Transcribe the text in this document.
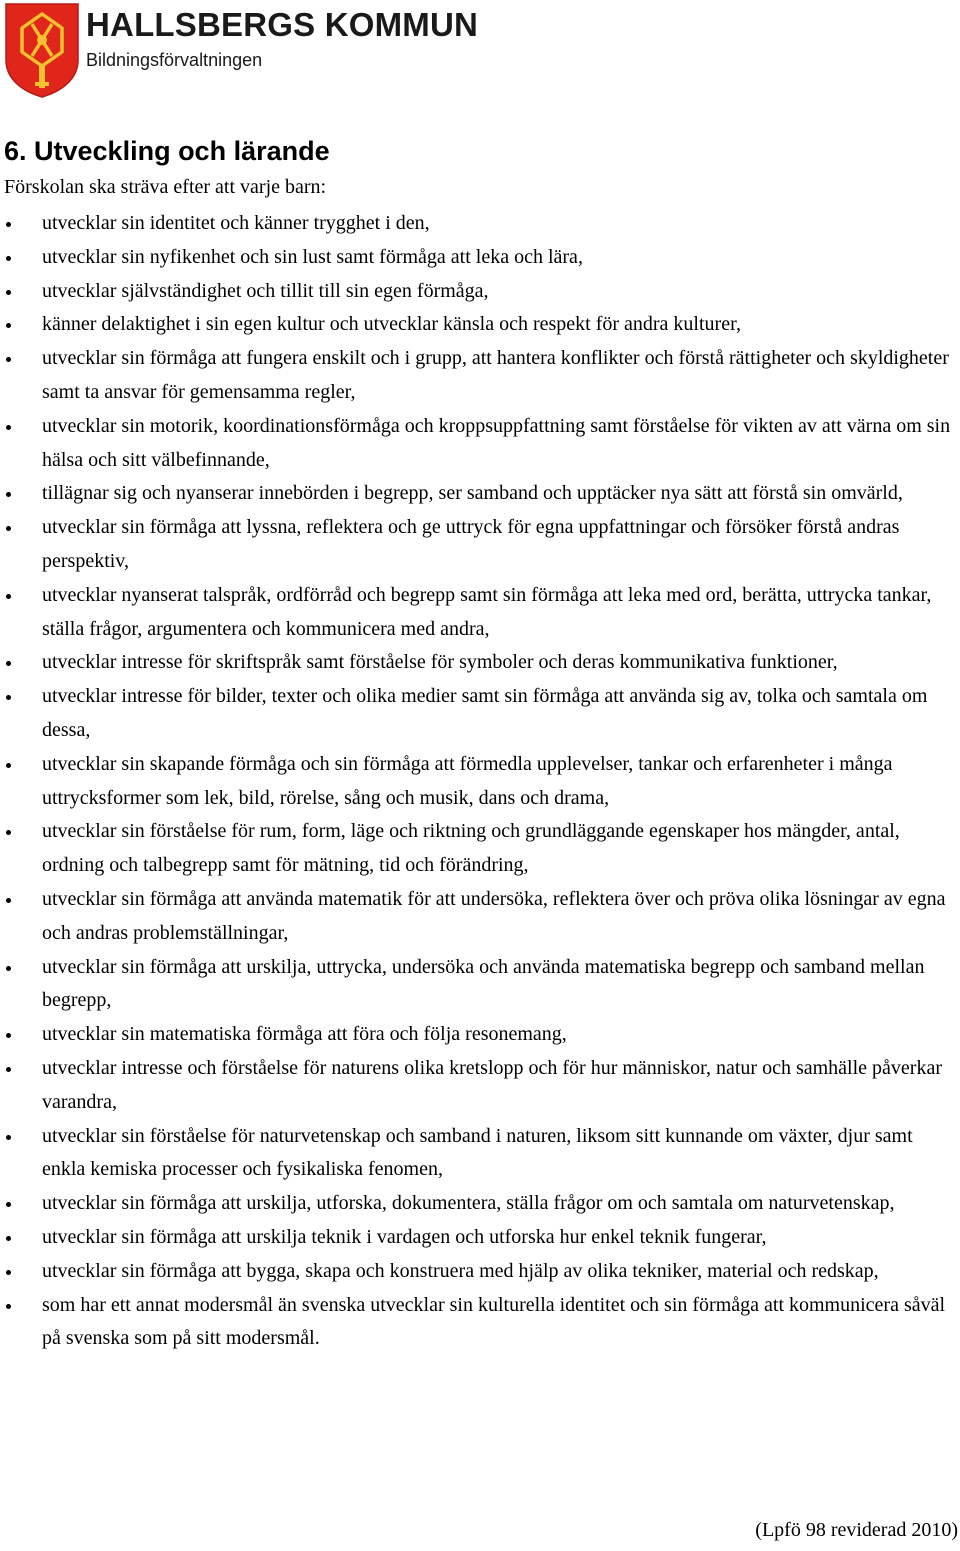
HALLSBERGS KOMMUN
Bildningsförvaltningen
6. Utveckling och lärande
Förskolan ska sträva efter att varje barn:
utvecklar sin identitet och känner trygghet i den,
utvecklar sin nyfikenhet och sin lust samt förmåga att leka och lära,
utvecklar självständighet och tillit till sin egen förmåga,
känner delaktighet i sin egen kultur och utvecklar känsla och respekt för andra kulturer,
utvecklar sin förmåga att fungera enskilt och i grupp, att hantera konflikter och förstå rättigheter och skyldigheter samt ta ansvar för gemensamma regler,
utvecklar sin motorik, koordinationsförmåga och kroppsuppfattning samt förståelse för vikten av att värna om sin hälsa och sitt välbefinnande,
tillägnar sig och nyanserar innebörden i begrepp, ser samband och upptäcker nya sätt att förstå sin omvärld,
utvecklar sin förmåga att lyssna, reflektera och ge uttryck för egna uppfattningar och försöker förstå andras perspektiv,
utvecklar nyanserat talspråk, ordförråd och begrepp samt sin förmåga att leka med ord, berätta, uttrycka tankar, ställa frågor, argumentera och kommunicera med andra,
utvecklar intresse för skriftspråk samt förståelse för symboler och deras kommunikativa funktioner,
utvecklar intresse för bilder, texter och olika medier samt sin förmåga att använda sig av, tolka och samtala om dessa,
utvecklar sin skapande förmåga och sin förmåga att förmedla upplevelser, tankar och erfarenheter i många uttrycksformer som lek, bild, rörelse, sång och musik, dans och drama,
utvecklar sin förståelse för rum, form, läge och riktning och grundläggande egenskaper hos mängder, antal, ordning och talbegrepp samt för mätning, tid och förändring,
utvecklar sin förmåga att använda matematik för att undersöka, reflektera över och pröva olika lösningar av egna och andras problemställningar,
utvecklar sin förmåga att urskilja, uttrycka, undersöka och använda matematiska begrepp och samband mellan begrepp,
utvecklar sin matematiska förmåga att föra och följa resonemang,
utvecklar intresse och förståelse för naturens olika kretslopp och för hur människor, natur och samhälle påverkar varandra,
utvecklar sin förståelse för naturvetenskap och samband i naturen, liksom sitt kunnande om växter, djur samt enkla kemiska processer och fysikaliska fenomen,
utvecklar sin förmåga att urskilja, utforska, dokumentera, ställa frågor om och samtala om naturvetenskap,
utvecklar sin förmåga att urskilja teknik i vardagen och utforska hur enkel teknik fungerar,
utvecklar sin förmåga att bygga, skapa och konstruera med hjälp av olika tekniker, material och redskap,
som har ett annat modersmål än svenska utvecklar sin kulturella identitet och sin förmåga att kommunicera såväl på svenska som på sitt modersmål.
(Lpfö 98 reviderad 2010)
